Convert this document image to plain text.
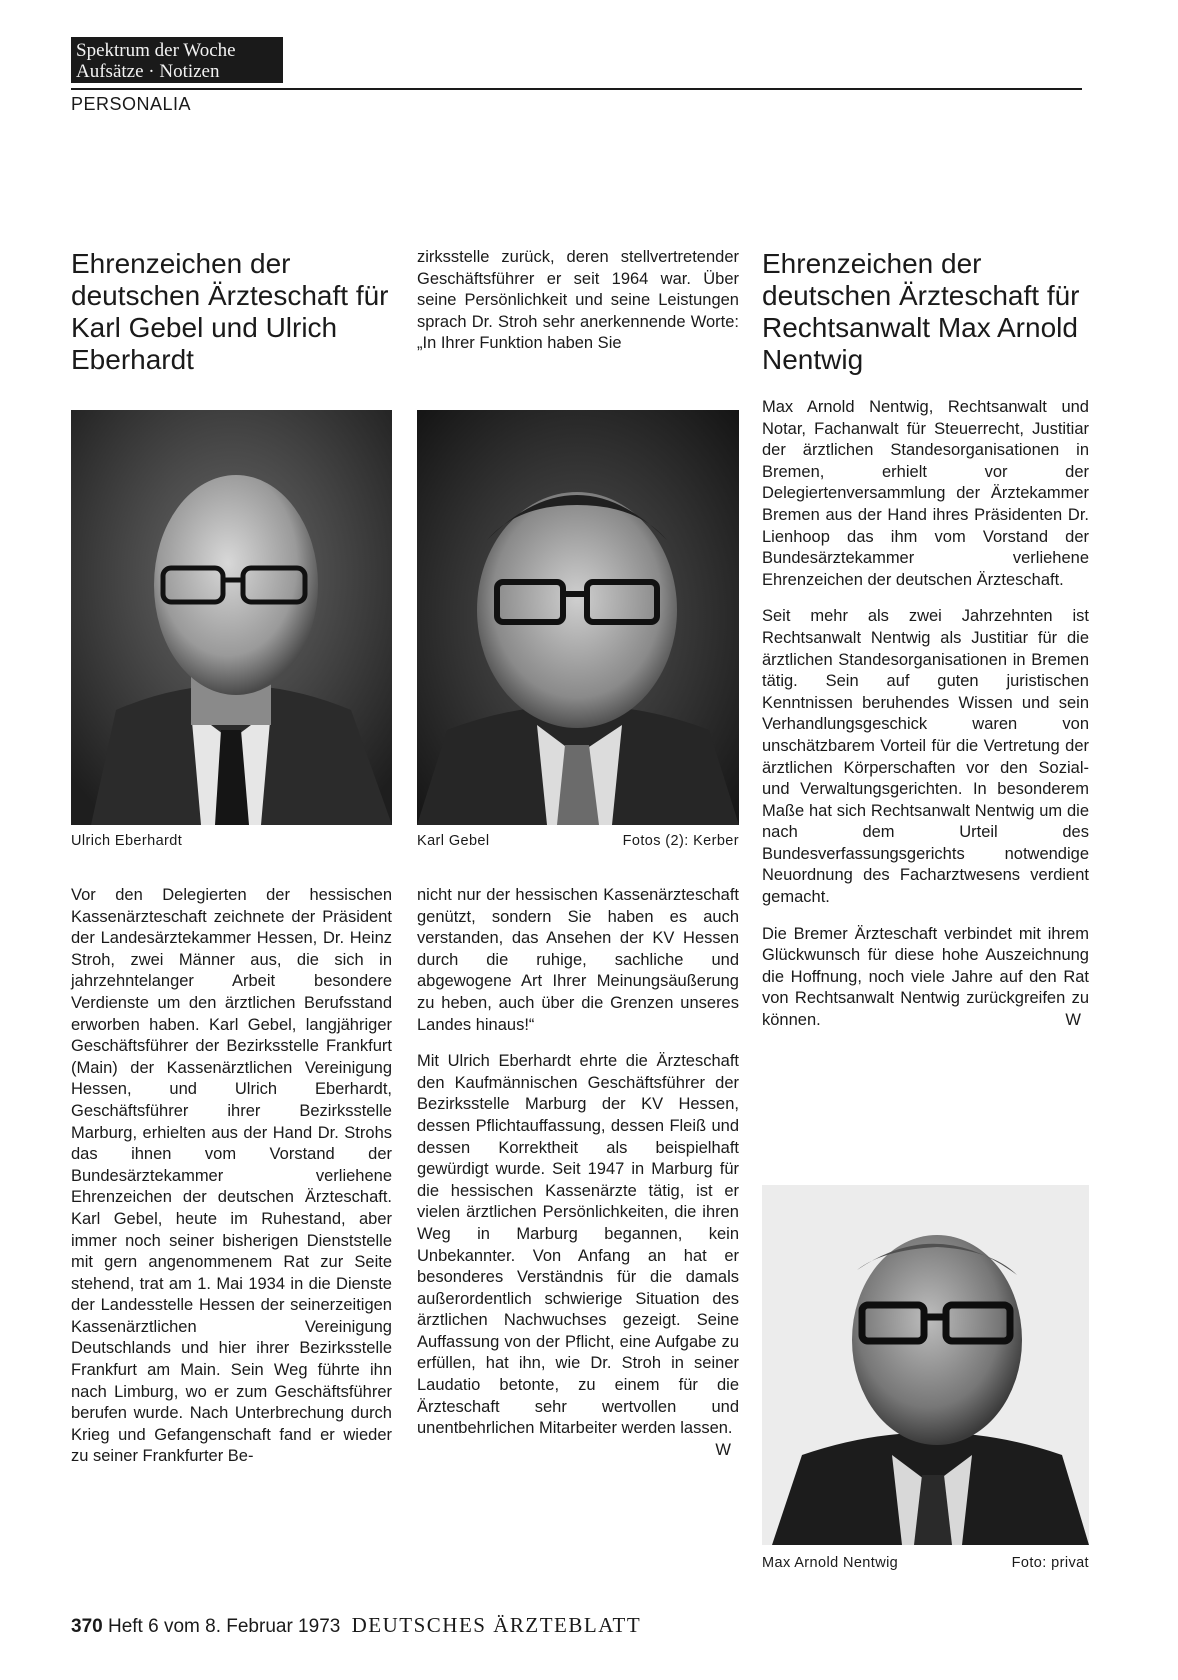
Spektrum der Woche
Aufsätze · Notizen
PERSONALIA
Ehrenzeichen der deutschen Ärzteschaft für Karl Gebel und Ulrich Eberhardt

zirksstelle zurück, deren stellvertretender Geschäftsführer er seit 1964 war. Über seine Persönlichkeit und seine Leistungen sprach Dr. Stroh sehr anerkennende Worte: „In Ihrer Funktion haben Sie

Ehrenzeichen der deutschen Ärzteschaft für Rechtsanwalt Max Arnold Nentwig
Ulrich Eberhardt	Karl Gebel	Fotos (2): Kerber

Vor den Delegierten der hessischen Kassenärzteschaft zeichnete der Präsident der Landesärztekammer Hessen, Dr. Heinz Stroh, zwei Männer aus, die sich in jahrzehntelanger Arbeit besondere Verdienste um den ärztlichen Berufsstand erworben haben. Karl Gebel, langjähriger Geschäftsführer der Bezirksstelle Frankfurt (Main) der Kassenärztlichen Vereinigung Hessen, und Ulrich Eberhardt, Geschäftsführer ihrer Bezirksstelle Marburg, erhielten aus der Hand Dr. Strohs das ihnen vom Vorstand der Bundesärztekammer verliehene Ehrenzeichen der deutschen Ärzteschaft. Karl Gebel, heute im Ruhestand, aber immer noch seiner bisherigen Dienststelle mit gern angenommenem Rat zur Seite stehend, trat am 1. Mai 1934 in die Dienste der Landesstelle Hessen der seinerzeitigen Kassenärztlichen Vereinigung Deutschlands und hier ihrer Bezirksstelle Frankfurt am Main. Sein Weg führte ihn nach Limburg, wo er zum Geschäftsführer berufen wurde. Nach Unterbrechung durch Krieg und Gefangenschaft fand er wieder zu seiner Frankfurter Be-

nicht nur der hessischen Kassenärzteschaft genützt, sondern Sie haben es auch verstanden, das Ansehen der KV Hessen durch die ruhige, sachliche und abgewogene Art Ihrer Meinungsäußerung zu heben, auch über die Grenzen unseres Landes hinaus!“

Mit Ulrich Eberhardt ehrte die Ärzteschaft den Kaufmännischen Geschäftsführer der Bezirksstelle Marburg der KV Hessen, dessen Pflichtauffassung, dessen Fleiß und dessen Korrektheit als beispielhaft gewürdigt wurde. Seit 1947 in Marburg für die hessischen Kassenärzte tätig, ist er vielen ärztlichen Persönlichkeiten, die ihren Weg in Marburg begannen, kein Unbekannter. Von Anfang an hat er besonderes Verständnis für die damals außerordentlich schwierige Situation des ärztlichen Nachwuchses gezeigt. Seine Auffassung von der Pflicht, eine Aufgabe zu erfüllen, hat ihn, wie Dr. Stroh in seiner Laudatio betonte, zu einem für die Ärzteschaft sehr wertvollen und unentbehrlichen Mitarbeiter werden lassen.
W

Max Arnold Nentwig, Rechtsanwalt und Notar, Fachanwalt für Steuerrecht, Justitiar der ärztlichen Standesorganisationen in Bremen, erhielt vor der Delegiertenversammlung der Ärztekammer Bremen aus der Hand ihres Präsidenten Dr. Lienhoop das ihm vom Vorstand der Bundesärztekammer verliehene Ehrenzeichen der deutschen Ärzteschaft.

Seit mehr als zwei Jahrzehnten ist Rechtsanwalt Nentwig als Justitiar für die ärztlichen Standesorganisationen in Bremen tätig. Sein auf guten juristischen Kenntnissen beruhendes Wissen und sein Verhandlungsgeschick waren von unschätzbarem Vorteil für die Vertretung der ärztlichen Körperschaften vor den Sozial- und Verwaltungsgerichten. In besonderem Maße hat sich Rechtsanwalt Nentwig um die nach dem Urteil des Bundesverfassungsgerichts notwendige Neuordnung des Facharztwesens verdient gemacht.

Die Bremer Ärzteschaft verbindet mit ihrem Glückwunsch für diese hohe Auszeichnung die Hoffnung, noch viele Jahre auf den Rat von Rechtsanwalt Nentwig zurückgreifen zu können.	W

Max Arnold Nentwig	Foto: privat
370 Heft 6 vom 8. Februar 1973 DEUTSCHES ÄRZTEBLATT
